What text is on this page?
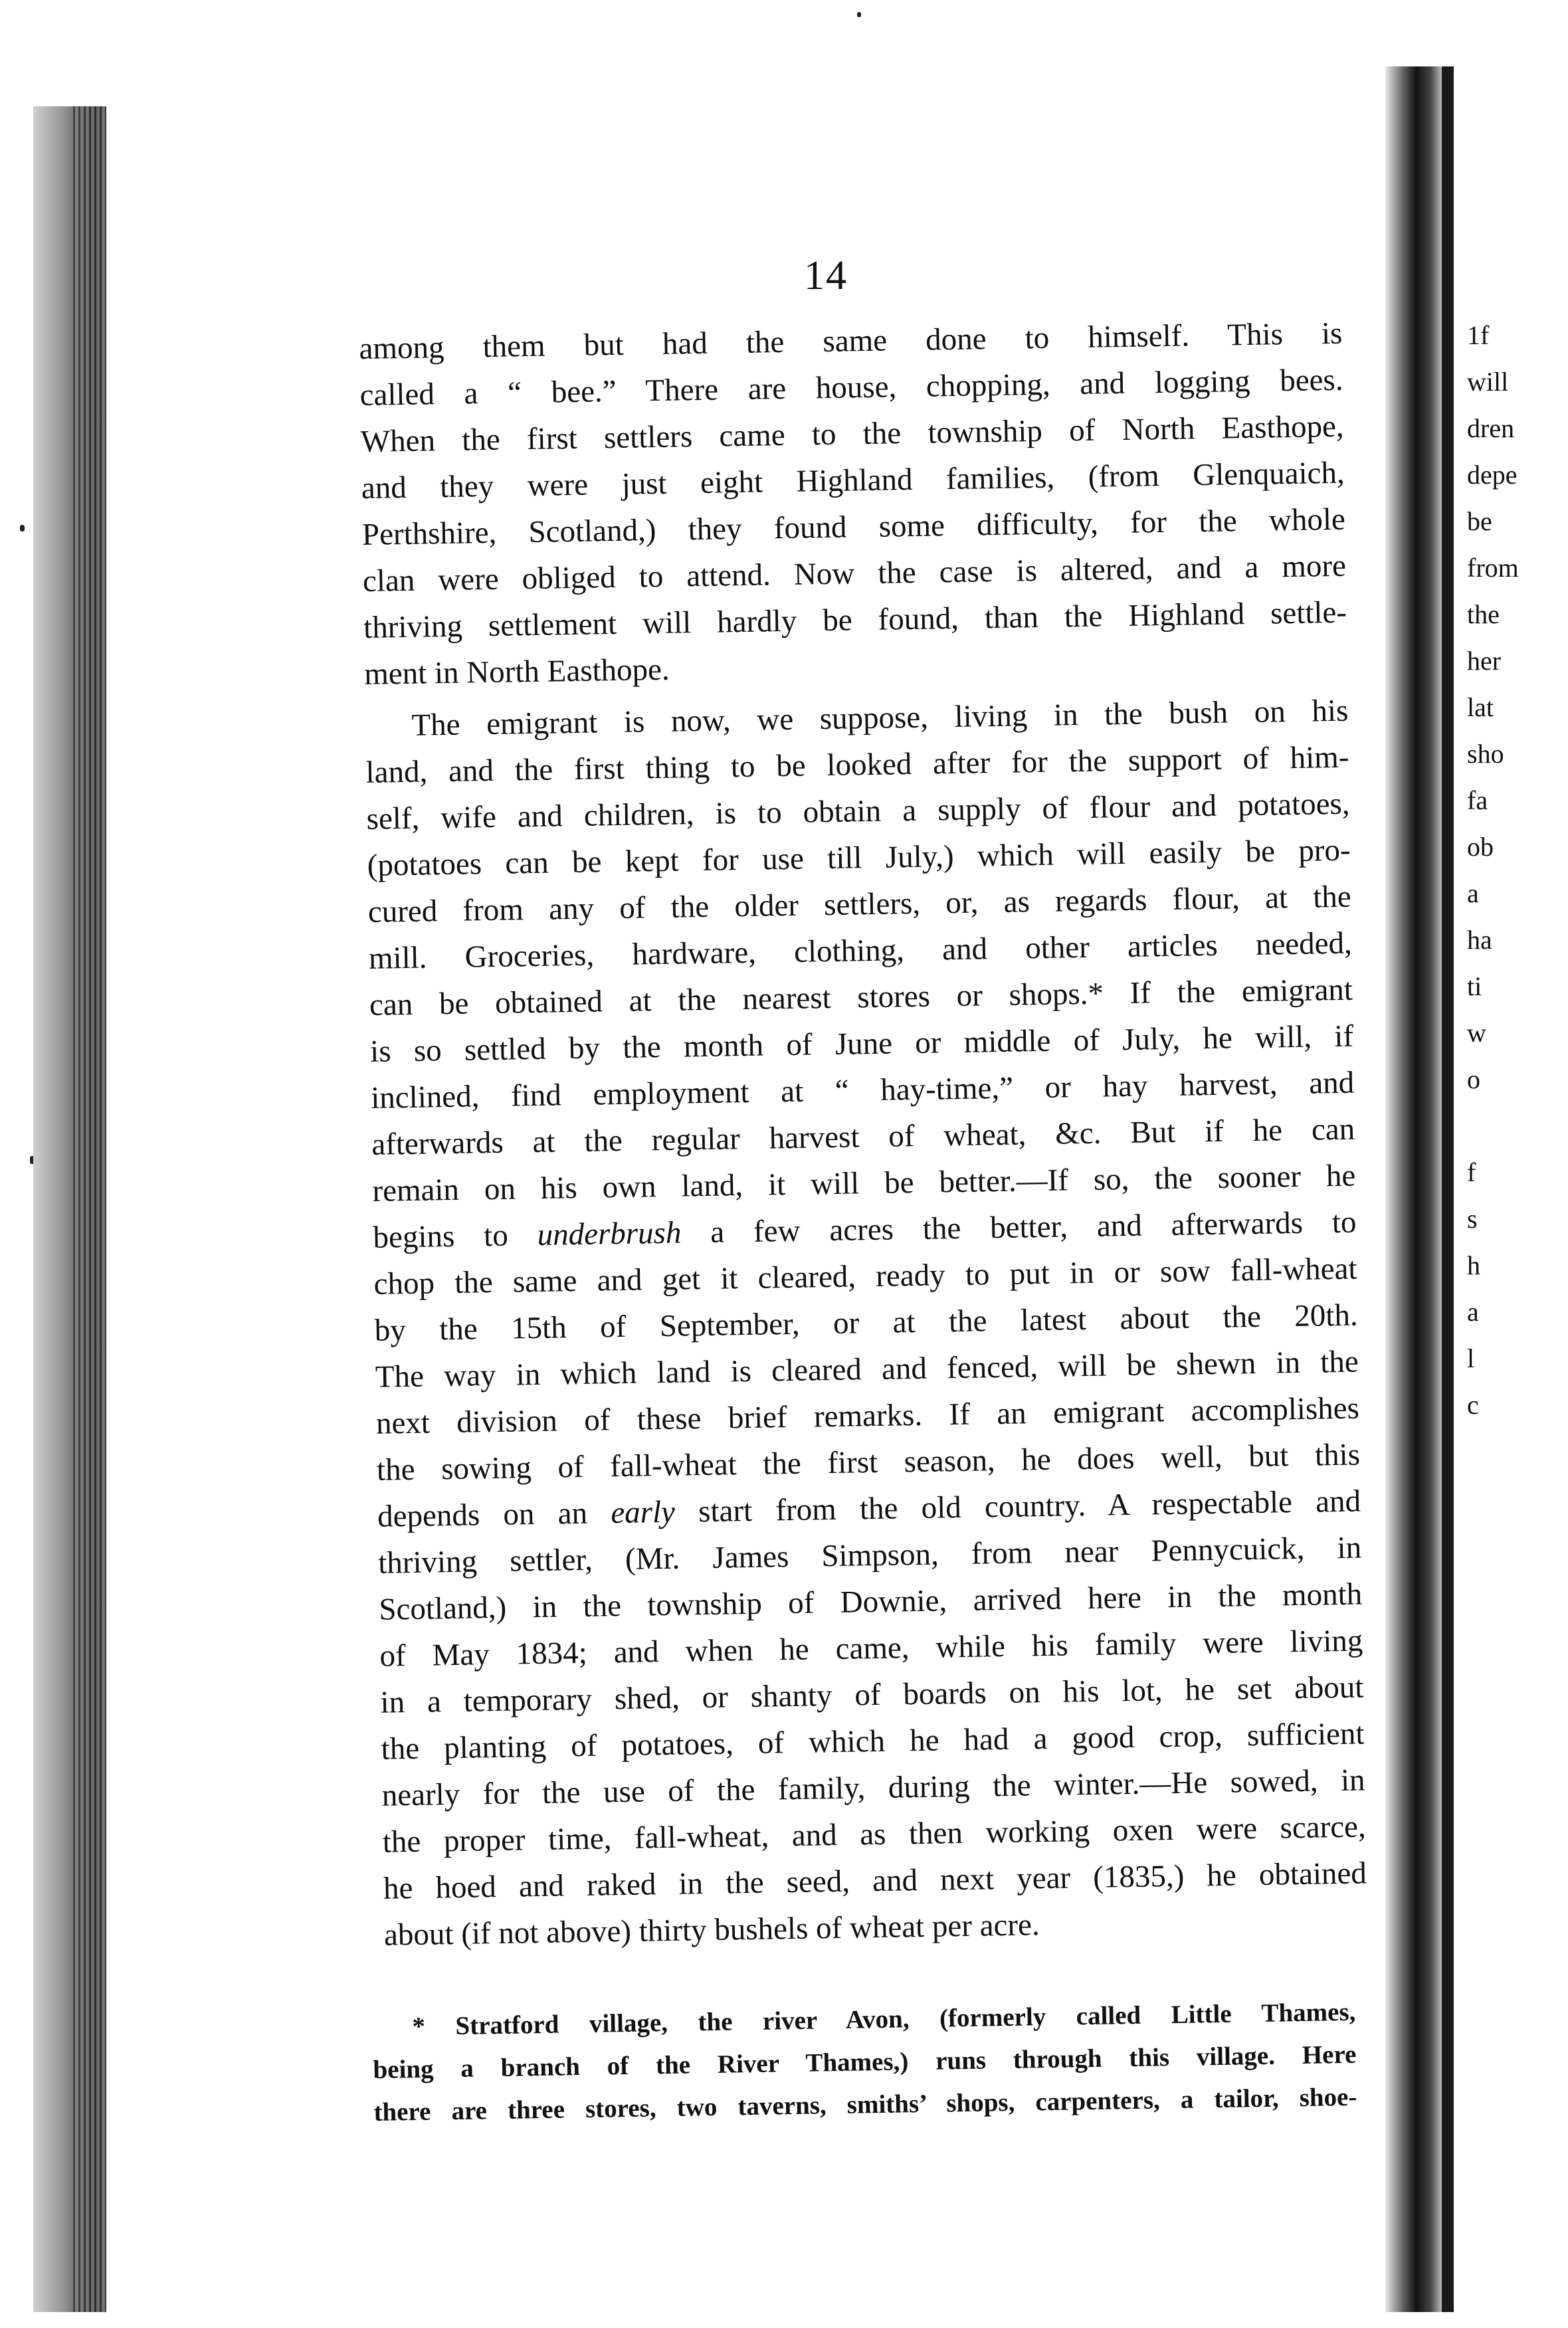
14
among them but had the same done to himself. This is
called a “ bee.” There are house, chopping, and logging bees.
When the first settlers came to the township of North Easthope,
and they were just eight Highland families, (from Glenquaich,
Perthshire, Scotland,) they found some difficulty, for the whole
clan were obliged to attend. Now the case is altered, and a more
thriving settlement will hardly be found, than the Highland settle-
ment in North Easthope.
The emigrant is now, we suppose, living in the bush on his
land, and the first thing to be looked after for the support of him-
self, wife and children, is to obtain a supply of flour and potatoes,
(potatoes can be kept for use till July,) which will easily be pro-
cured from any of the older settlers, or, as regards flour, at the
mill. Groceries, hardware, clothing, and other articles needed,
can be obtained at the nearest stores or shops.* If the emigrant
is so settled by the month of June or middle of July, he will, if
inclined, find employment at “ hay-time,” or hay harvest, and
afterwards at the regular harvest of wheat, &c. But if he can
remain on his own land, it will be better.—If so, the sooner he
begins to underbrush a few acres the better, and afterwards to
chop the same and get it cleared, ready to put in or sow fall-wheat
by the 15th of September, or at the latest about the 20th.
The way in which land is cleared and fenced, will be shewn in the
next division of these brief remarks. If an emigrant accomplishes
the sowing of fall-wheat the first season, he does well, but this
depends on an early start from the old country. A respectable and
thriving settler, (Mr. James Simpson, from near Pennycuick, in
Scotland,) in the township of Downie, arrived here in the month
of May 1834; and when he came, while his family were living
in a temporary shed, or shanty of boards on his lot, he set about
the planting of potatoes, of which he had a good crop, sufficient
nearly for the use of the family, during the winter.—He sowed, in
the proper time, fall-wheat, and as then working oxen were scarce,
he hoed and raked in the seed, and next year (1835,) he obtained
about (if not above) thirty bushels of wheat per acre.
* Stratford village, the river Avon, (formerly called Little Thames,
being a branch of the River Thames,) runs through this village. Here
there are three stores, two taverns, smiths’ shops, carpenters, a tailor, shoe-
1f
will
dren
depe
be
from
the
her
lat
sho
fa
ob
a
ha
ti
w
o
f
s
h
a
l
c
